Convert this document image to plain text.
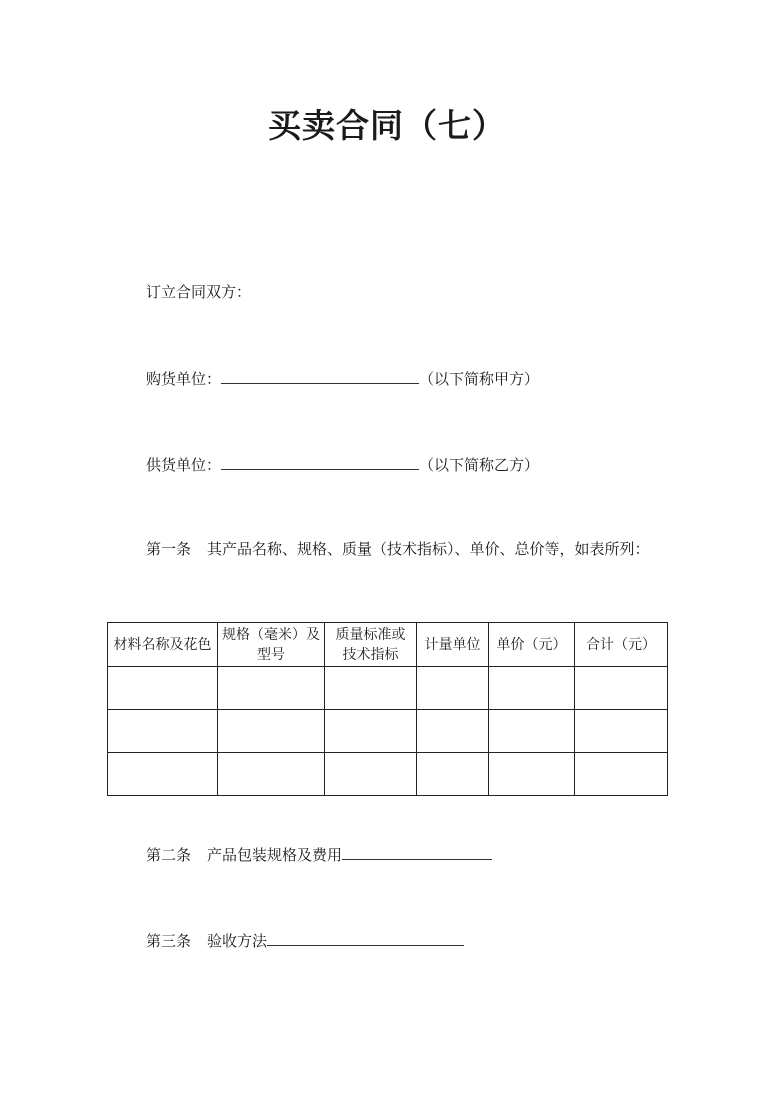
买卖合同（七）
订立合同双方：
购货单位：	（以下简称甲方）
供货单位：	（以下简称乙方）
第一条 其产品名称、规格、质量（技术指标）、单价、总价等，如表所列：
材料名称及花色	规格（毫米）及型号	质量标准或技术指标	计量单位	单价（元）	合计（元）

第二条 产品包装规格及费用
第三条 验收方法
